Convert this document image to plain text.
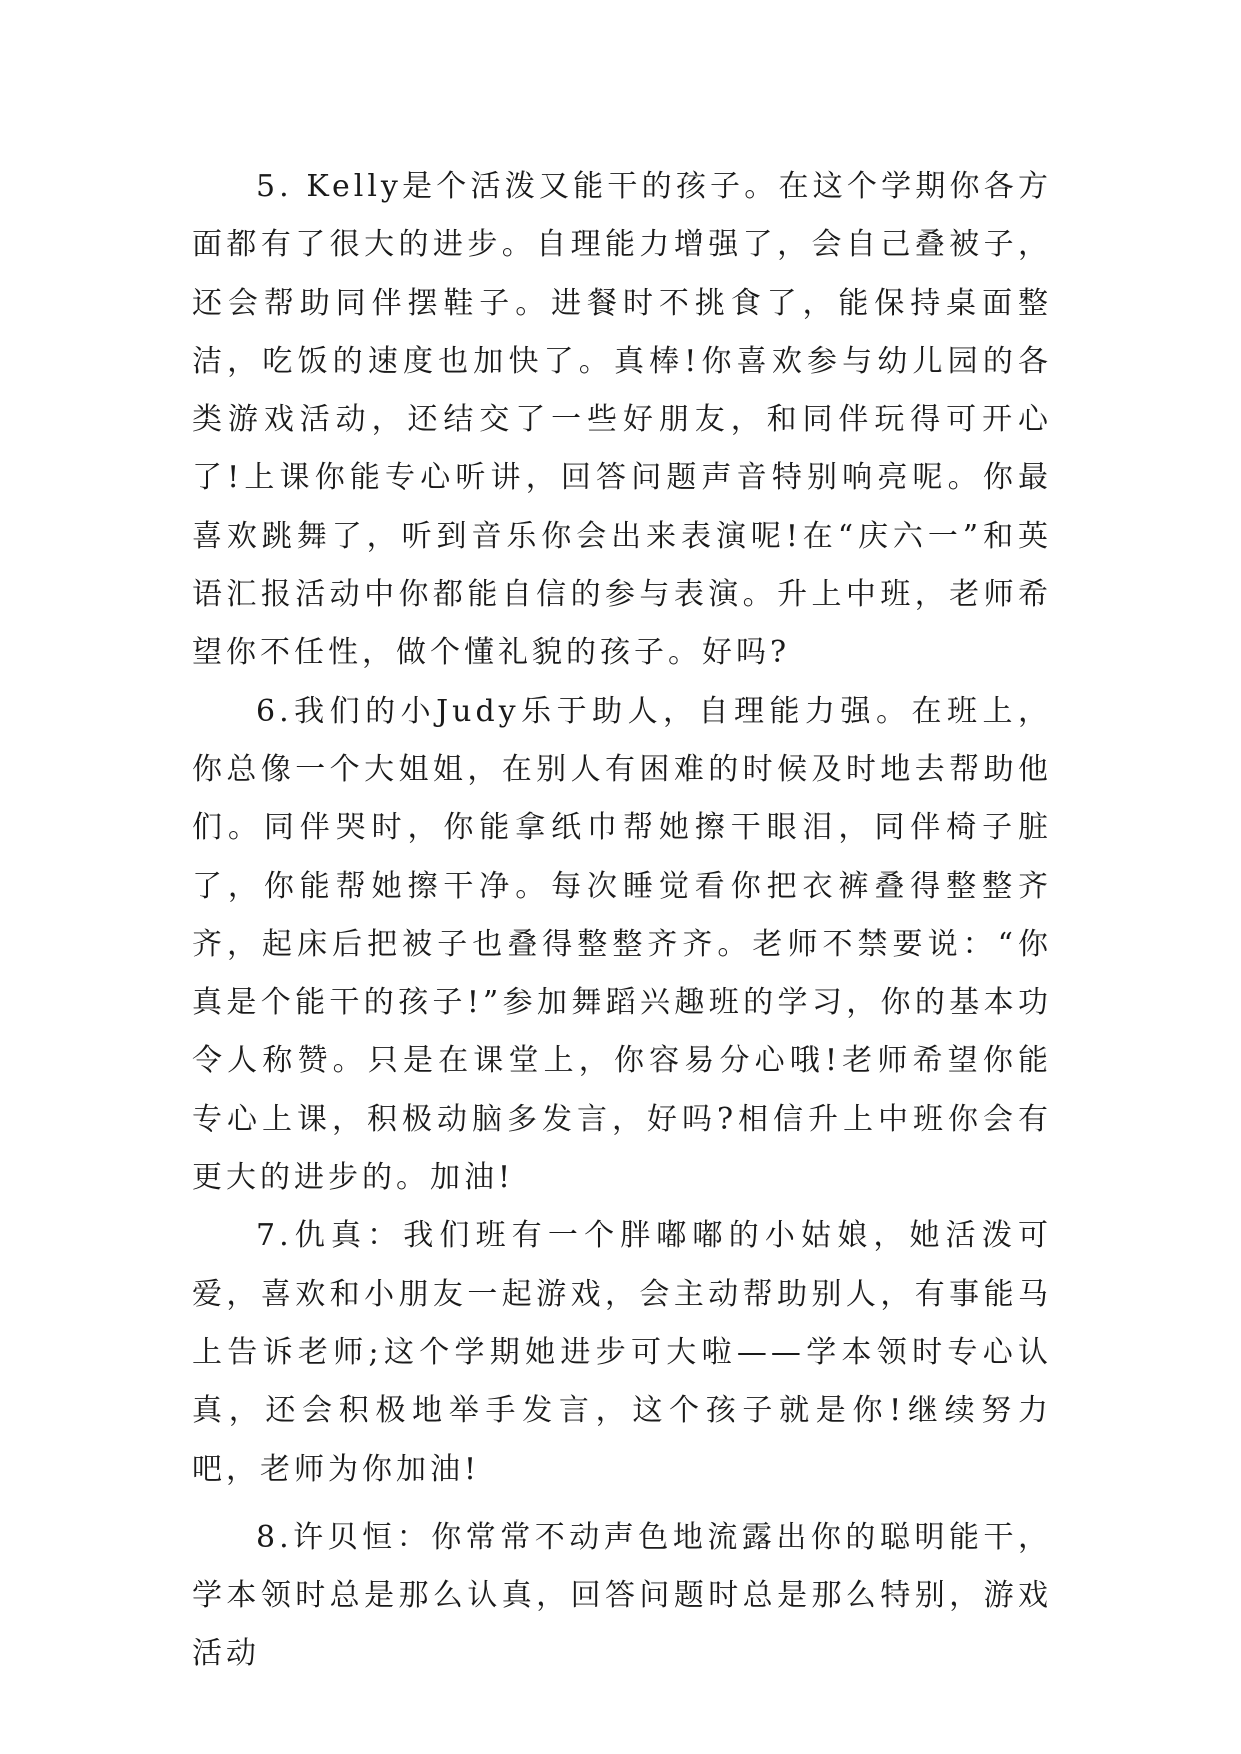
5. Kelly是个活泼又能干的孩子。在这个学期你各方面都有了很大的进步。自理能力增强了，会自己叠被子，还会帮助同伴摆鞋子。进餐时不挑食了，能保持桌面整洁，吃饭的速度也加快了。真棒!你喜欢参与幼儿园的各类游戏活动，还结交了一些好朋友，和同伴玩得可开心了!上课你能专心听讲，回答问题声音特别响亮呢。你最喜欢跳舞了，听到音乐你会出来表演呢!在“庆六一”和英语汇报活动中你都能自信的参与表演。升上中班，老师希望你不任性，做个懂礼貌的孩子。好吗?

6.我们的小Judy乐于助人，自理能力强。在班上，你总像一个大姐姐，在别人有困难的时候及时地去帮助他们。同伴哭时，你能拿纸巾帮她擦干眼泪，同伴椅子脏了，你能帮她擦干净。每次睡觉看你把衣裤叠得整整齐齐，起床后把被子也叠得整整齐齐。老师不禁要说：“你真是个能干的孩子!”参加舞蹈兴趣班的学习，你的基本功令人称赞。只是在课堂上，你容易分心哦!老师希望你能专心上课，积极动脑多发言，好吗?相信升上中班你会有更大的进步的。加油!

7.仇真：我们班有一个胖嘟嘟的小姑娘，她活泼可爱，喜欢和小朋友一起游戏，会主动帮助别人，有事能马上告诉老师;这个学期她进步可大啦——学本领时专心认真，还会积极地举手发言，这个孩子就是你!继续努力吧，老师为你加油!

8.许贝恒：你常常不动声色地流露出你的聪明能干，学本领时总是那么认真，回答问题时总是那么特别，游戏活动
